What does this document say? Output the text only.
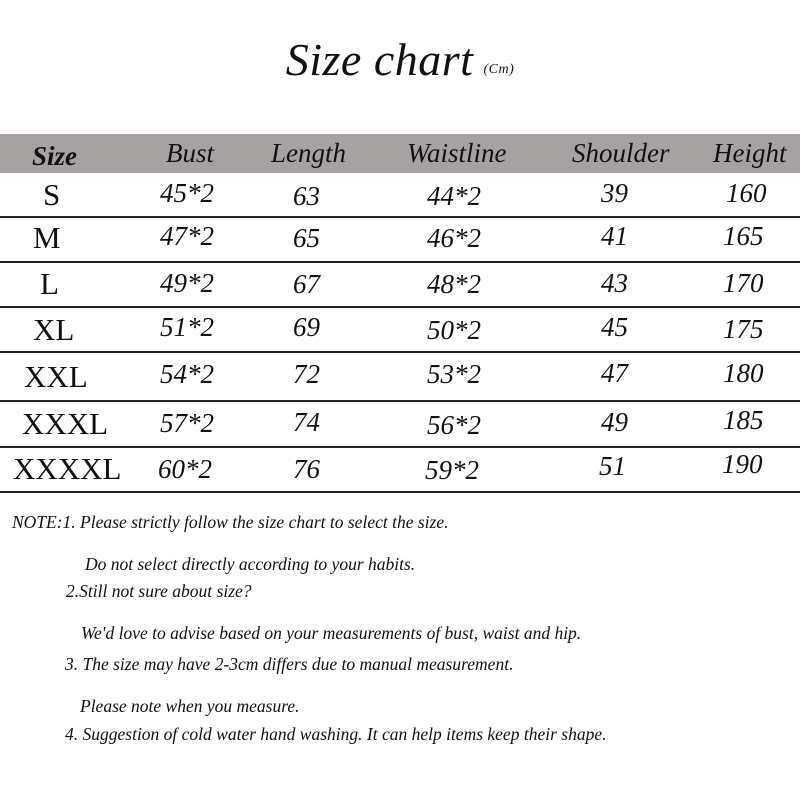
Size chart $^{(Cm)}$
Size	Bust Length Waistline Shoulder Height
S	45*2	63	44*2	39	160
M	47*2	65	46*2	41	165
L	49*2	67	48*2	43	170
XL	51*2	69	50*2	45	175
XXL	54*2	72	53*2	47	180
XXXL 57*2	74	56*2	49	185
XXXXL 60*2	76	59*2	51	190
NOTE:1. Please strictly follow the size chart to select the size.
Do not select directly according to your habits.
2.Still not sure about size?
We'd love to advise based on your measurements of bust, waist and hip.
3. The size may have 2-3cm differs due to manual measurement.
Please note when you measure.
4. Suggestion of cold water hand washing. It can help items keep their shape.
